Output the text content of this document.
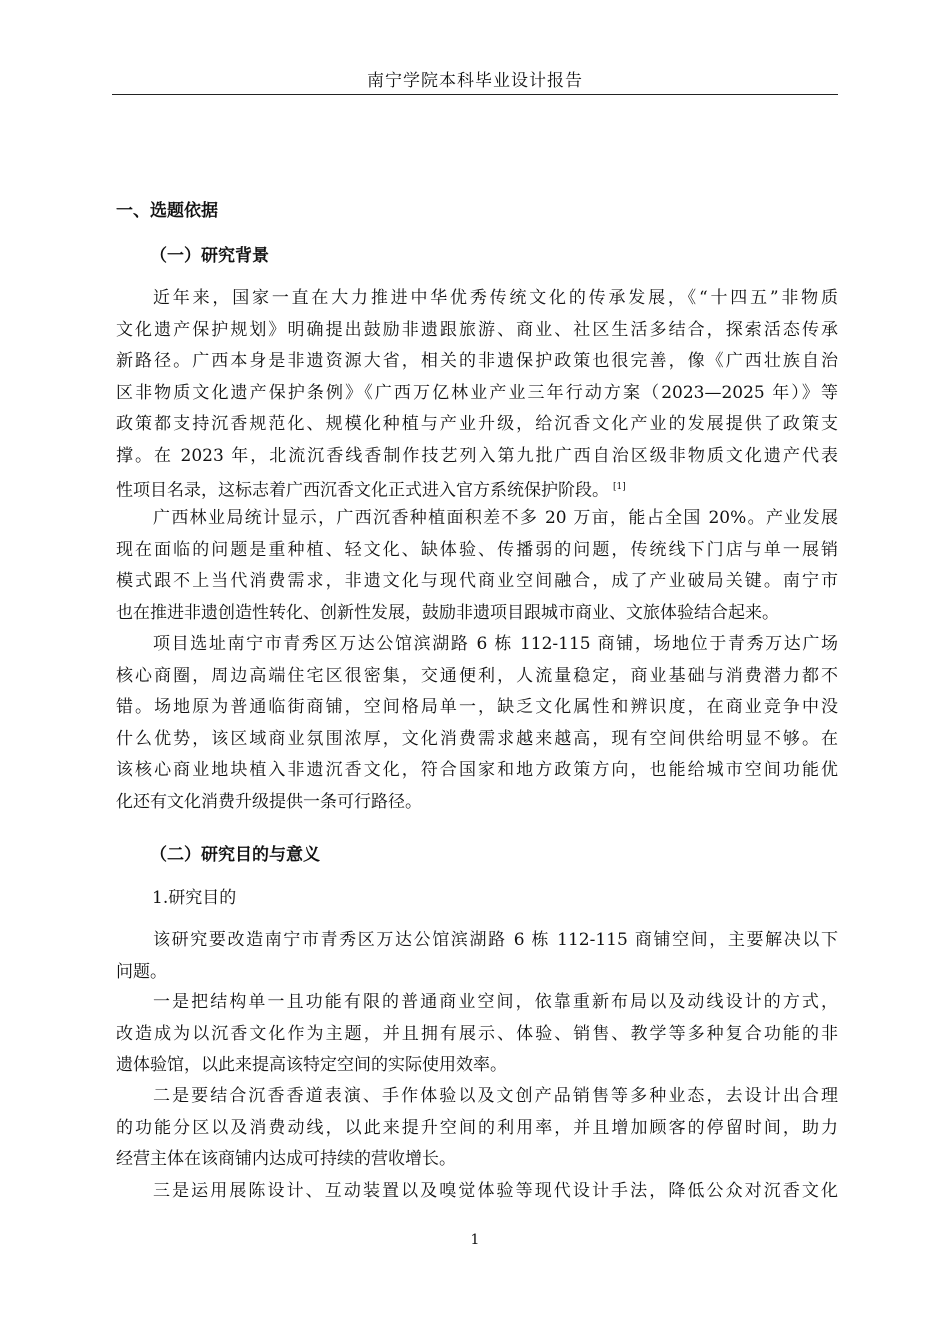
南宁学院本科毕业设计报告
一、选题依据
（一）研究背景
近年来，国家一直在大力推进中华优秀传统文化的传承发展，《“十四五”非物质
文化遗产保护规划》明确提出鼓励非遗跟旅游、商业、社区生活多结合，探索活态传承
新路径。广西本身是非遗资源大省，相关的非遗保护政策也很完善，像《广西壮族自治
区非物质文化遗产保护条例》《广西万亿林业产业三年行动方案（2023—2025 年）》等
政策都支持沉香规范化、规模化种植与产业升级，给沉香文化产业的发展提供了政策支
撑。在 2023 年，北流沉香线香制作技艺列入第九批广西自治区级非物质文化遗产代表
性项目名录，这标志着广西沉香文化正式进入官方系统保护阶段。 [1]
广西林业局统计显示，广西沉香种植面积差不多 20 万亩，能占全国 20%。产业发展
现在面临的问题是重种植、轻文化、缺体验、传播弱的问题，传统线下门店与单一展销
模式跟不上当代消费需求，非遗文化与现代商业空间融合，成了产业破局关键。南宁市
也在推进非遗创造性转化、创新性发展，鼓励非遗项目跟城市商业、文旅体验结合起来。
项目选址南宁市青秀区万达公馆滨湖路 6 栋 112-115 商铺，场地位于青秀万达广场
核心商圈，周边高端住宅区很密集，交通便利，人流量稳定，商业基础与消费潜力都不
错。场地原为普通临街商铺，空间格局单一，缺乏文化属性和辨识度，在商业竞争中没
什么优势，该区域商业氛围浓厚，文化消费需求越来越高，现有空间供给明显不够。在
该核心商业地块植入非遗沉香文化，符合国家和地方政策方向，也能给城市空间功能优
化还有文化消费升级提供一条可行路径。
（二）研究目的与意义
1.研究目的
该研究要改造南宁市青秀区万达公馆滨湖路 6 栋 112-115 商铺空间，主要解决以下
问题。
一是把结构单一且功能有限的普通商业空间，依靠重新布局以及动线设计的方式，
改造成为以沉香文化作为主题，并且拥有展示、体验、销售、教学等多种复合功能的非
遗体验馆，以此来提高该特定空间的实际使用效率。
二是要结合沉香香道表演、手作体验以及文创产品销售等多种业态，去设计出合理
的功能分区以及消费动线，以此来提升空间的利用率，并且增加顾客的停留时间，助力
经营主体在该商铺内达成可持续的营收增长。
三是运用展陈设计、互动装置以及嗅觉体验等现代设计手法，降低公众对沉香文化
1
